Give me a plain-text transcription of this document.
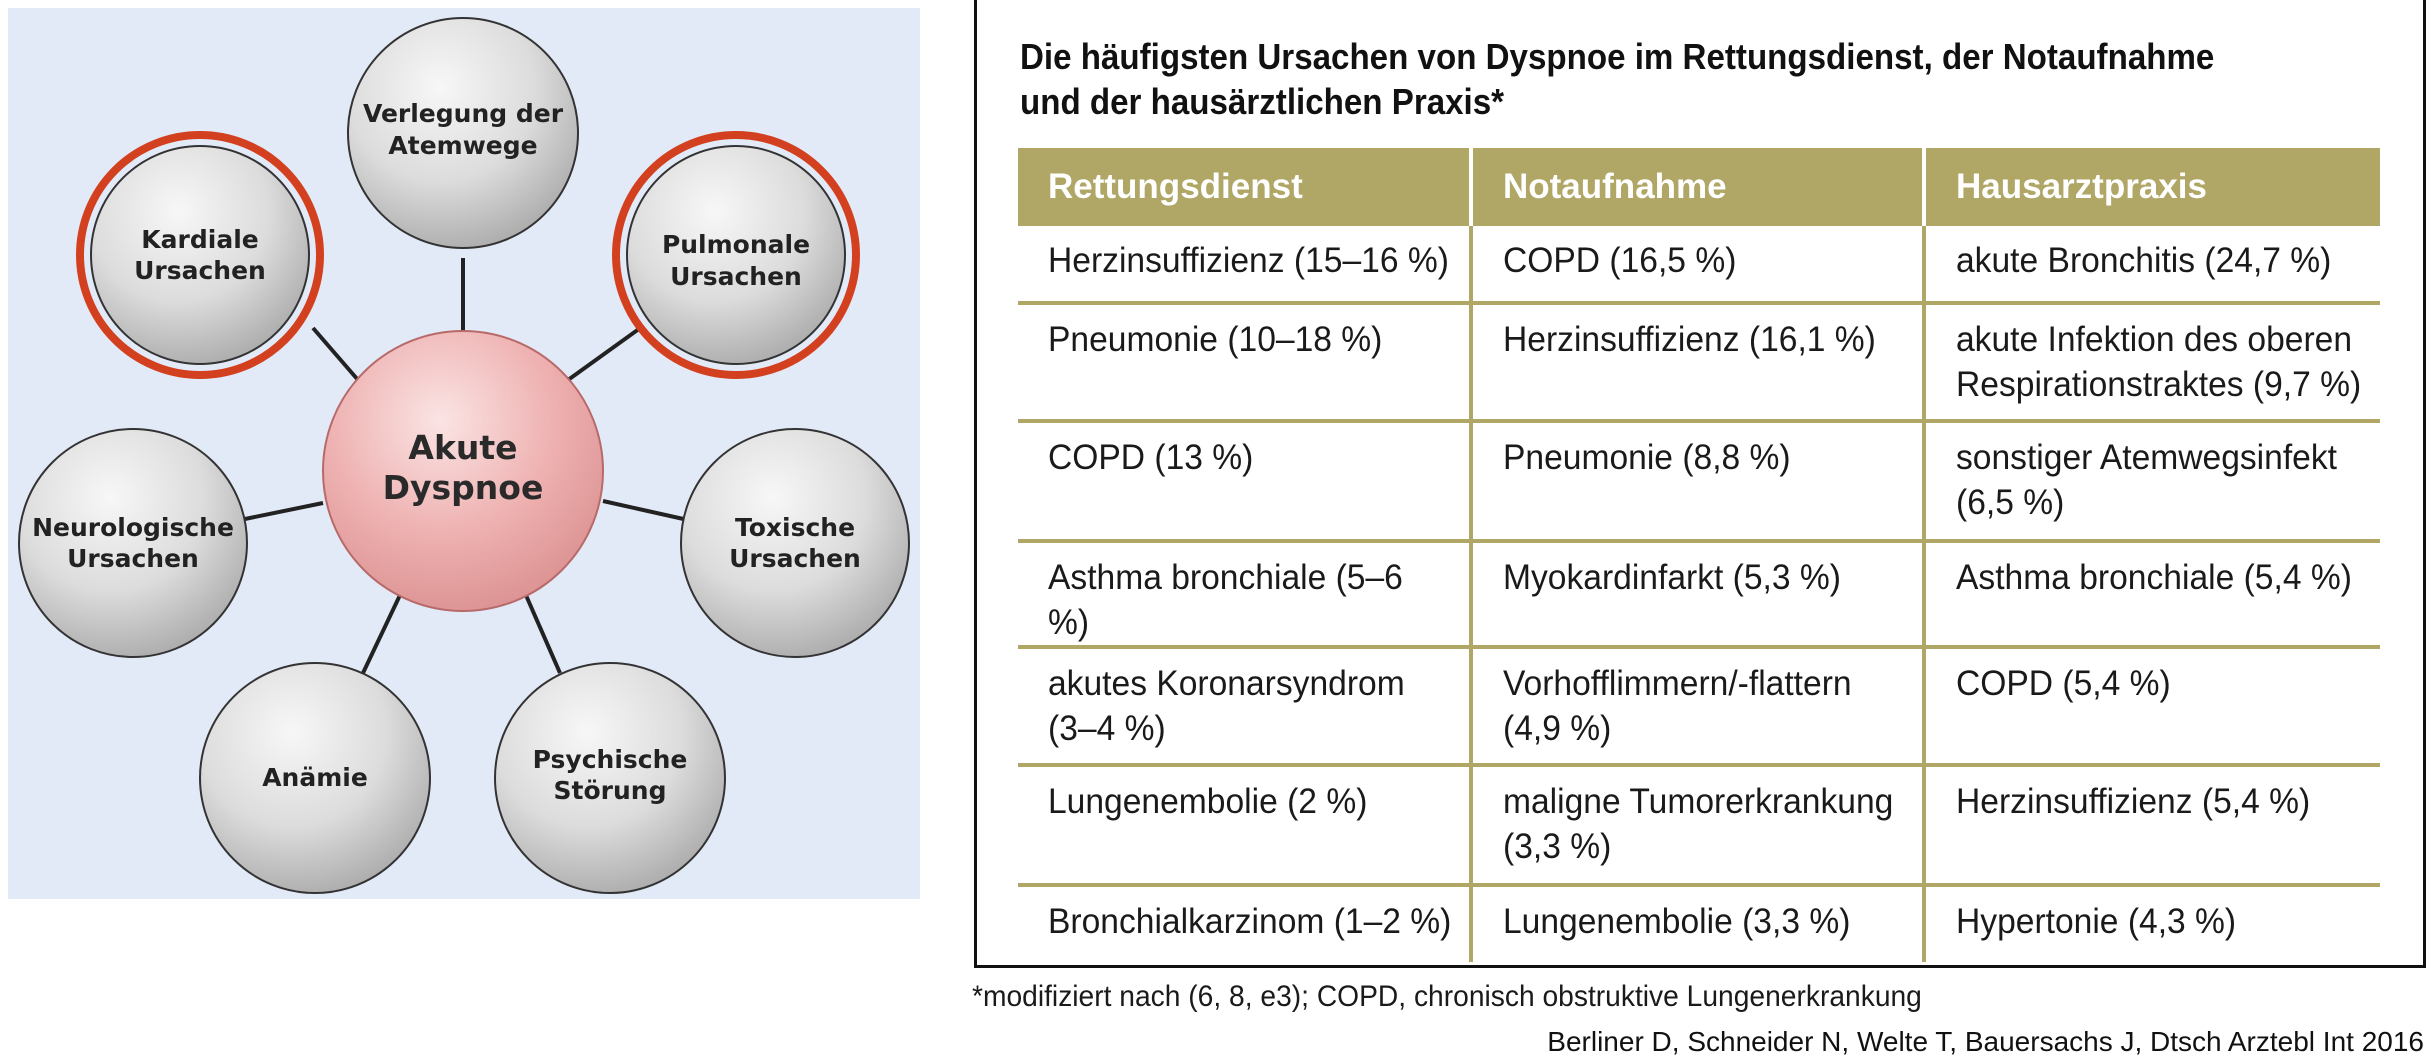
Verlegung der
Atemwege
Kardiale
Ursachen
Pulmonale
Ursachen
Neurologische
Ursachen
Toxische
Ursachen
Anämie
Psychische
Störung
Akute
Dyspnoe
Die häufigsten Ursachen von Dyspnoe im Rettungsdienst, der Notaufnahme
und der hausärztlichen Praxis*
Rettungsdienst	Notaufnahme	Hausarztpraxis

Herzinsuffizienz (15–16 %)	COPD (16,5 %)	akute Bronchitis (24,7 %)

Pneumonie (10–18 %)	Herzinsuffizienz (16,1 %)	akute Infektion des oberen Respirationstraktes (9,7 %)

COPD (13 %)	Pneumonie (8,8 %)	sonstiger Atemwegsinfekt (6,5 %)

Asthma bronchiale (5–6 %)	Myokardinfarkt (5,3 %)	Asthma bronchiale (5,4 %)

akutes Koronarsyndrom (3–4 %)	Vorhofflimmern/-flattern (4,9 %)	COPD (5,4 %)

Lungenembolie (2 %)	maligne Tumorerkrankung (3,3 %)	Herzinsuffizienz (5,4 %)

Bronchialkarzinom (1–2 %)	Lungenembolie (3,3 %)	Hypertonie (4,3 %)
*modifiziert nach (6, 8, e3); COPD, chronisch obstruktive Lungenerkrankung
Berliner D, Schneider N, Welte T, Bauersachs J, Dtsch Arztebl Int 2016
